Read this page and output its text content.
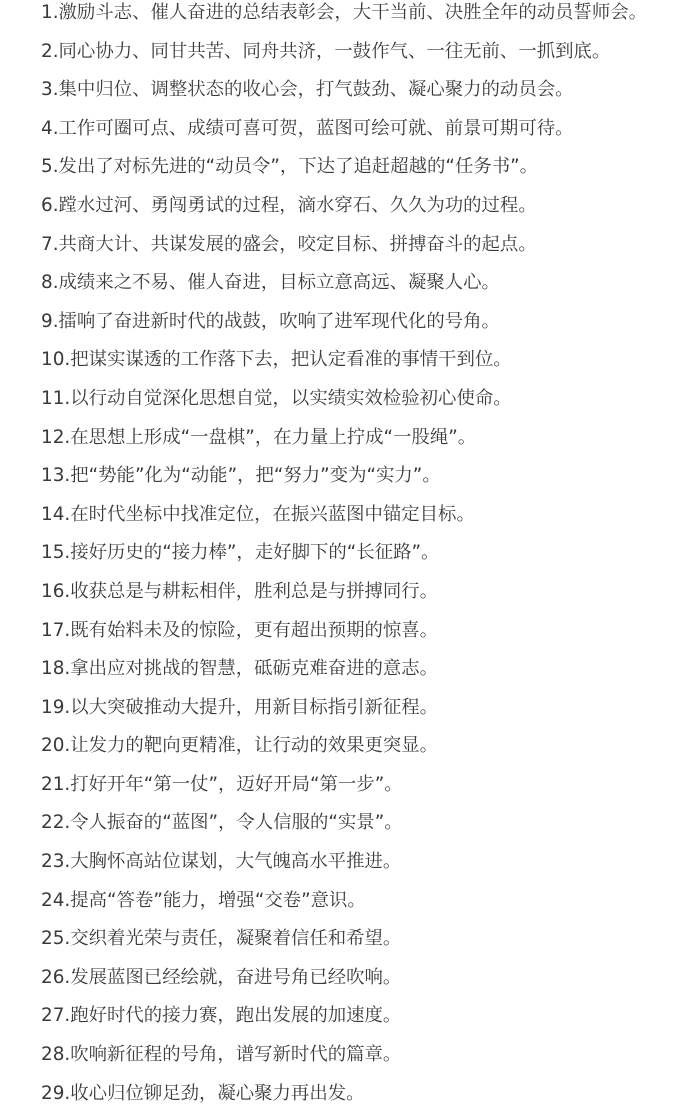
1.激励斗志、催人奋进的总结表彰会，大干当前、决胜全年的动员誓师会。
2.同心协力、同甘共苦、同舟共济，一鼓作气、一往无前、一抓到底。
3.集中归位、调整状态的收心会，打气鼓劲、凝心聚力的动员会。
4.工作可圈可点、成绩可喜可贺，蓝图可绘可就、前景可期可待。
5.发出了对标先进的“动员令”，下达了追赶超越的“任务书”。
6.蹚水过河、勇闯勇试的过程，滴水穿石、久久为功的过程。
7.共商大计、共谋发展的盛会，咬定目标、拼搏奋斗的起点。
8.成绩来之不易、催人奋进，目标立意高远、凝聚人心。
9.擂响了奋进新时代的战鼓，吹响了进军现代化的号角。
10.把谋实谋透的工作落下去，把认定看准的事情干到位。
11.以行动自觉深化思想自觉，以实绩实效检验初心使命。
12.在思想上形成“一盘棋”，在力量上拧成“一股绳”。
13.把“势能”化为“动能”，把“努力”变为“实力”。
14.在时代坐标中找准定位，在振兴蓝图中锚定目标。
15.接好历史的“接力棒”，走好脚下的“长征路”。
16.收获总是与耕耘相伴，胜利总是与拼搏同行。
17.既有始料未及的惊险，更有超出预期的惊喜。
18.拿出应对挑战的智慧，砥砺克难奋进的意志。
19.以大突破推动大提升，用新目标指引新征程。
20.让发力的靶向更精准，让行动的效果更突显。
21.打好开年“第一仗”，迈好开局“第一步”。
22.令人振奋的“蓝图”，令人信服的“实景”。
23.大胸怀高站位谋划，大气魄高水平推进。
24.提高“答卷”能力，增强“交卷”意识。
25.交织着光荣与责任，凝聚着信任和希望。
26.发展蓝图已经绘就，奋进号角已经吹响。
27.跑好时代的接力赛，跑出发展的加速度。
28.吹响新征程的号角，谱写新时代的篇章。
29.收心归位铆足劲，凝心聚力再出发。
